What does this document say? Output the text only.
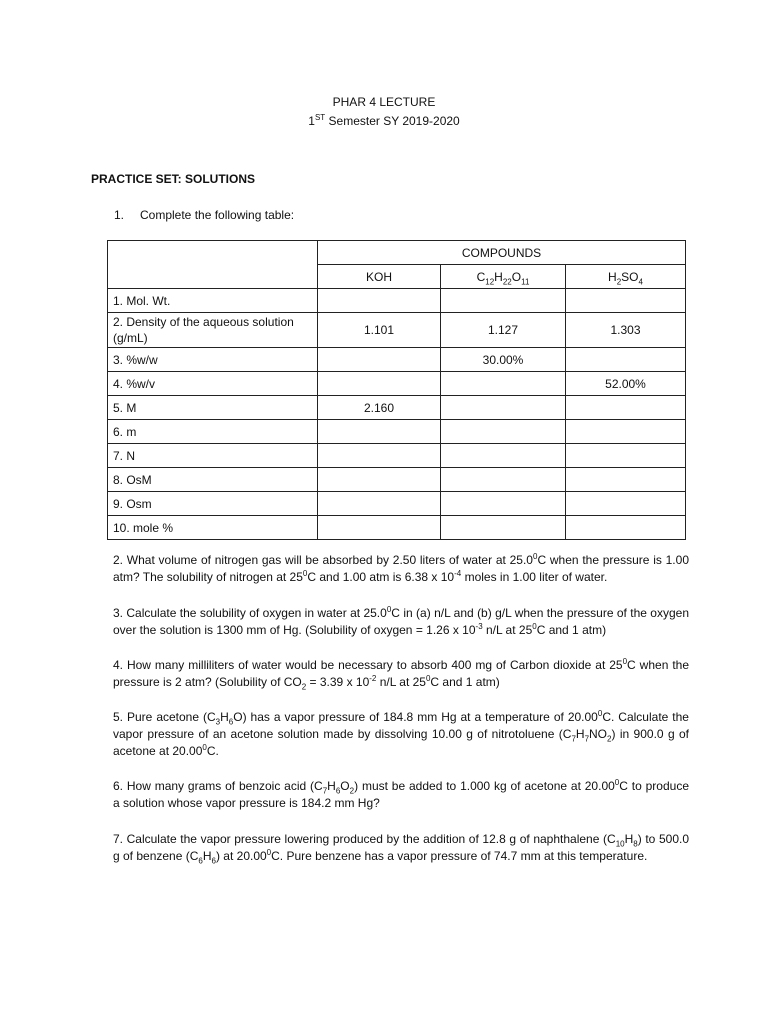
PHAR 4 LECTURE
1ST Semester SY 2019-2020
PRACTICE SET: SOLUTIONS
1. Complete the following table:
	COMPOUNDS		
	KOH	$C_{12}H_{22}O_{11}$	$H_2SO_4$
1. Mol. Wt.			
2. Density of the aqueous solution (g/mL)	1.101	1.127	1.303
3. %w/w		30.00%	
4. %w/v			52.00%
5. M	2.160		
6. m			
7. N			
8. OsM			
9. Osm			
10. mole %			
2. What volume of nitrogen gas will be absorbed by 2.50 liters of water at 25.0$^0$C when the pressure is 1.00 atm? The solubility of nitrogen at $25^0C$ and 1.00 atm is 6.38 x $10^{-4}$ moles in 1.00 liter of water.
3. Calculate the solubility of oxygen in water at 25.0$^0$C in (a) n/L and (b) g/L when the pressure of the oxygen over the solution is 1300 mm of Hg. (Solubility of oxygen = 1.26 x $10^{-3}$ n/L at $25^0C$ and 1 atm)
4. How many milliliters of water would be necessary to absorb 400 mg of Carbon dioxide at $25^0C$ when the pressure is 2 atm? (Solubility of $CO_2 = 3.39$ x $10^{-2}$ n/L at $25^0C$ and 1 atm)
5. Pure acetone $(C_3H_6O)$ has a vapor pressure of 184.8 mm Hg at a temperature of 20.00$^0$C. Calculate the vapor pressure of an acetone solution made by dissolving 10.00 g of nitrotoluene $(C_7H_7NO_2)$ in 900.0 g of acetone at 20.00$^0$C.
6. How many grams of benzoic acid $(C_7H_6O_2)$ must be added to 1.000 kg of acetone at 20.00$^0$C to produce a solution whose vapor pressure is 184.2 mm Hg?
7. Calculate the vapor pressure lowering produced by the addition of 12.8 g of naphthalene $(C_{10}H_8)$ to 500.0 g of benzene $(C_6H_6)$ at 20.00$^0$C. Pure benzene has a vapor pressure of 74.7 mm at this temperature.
